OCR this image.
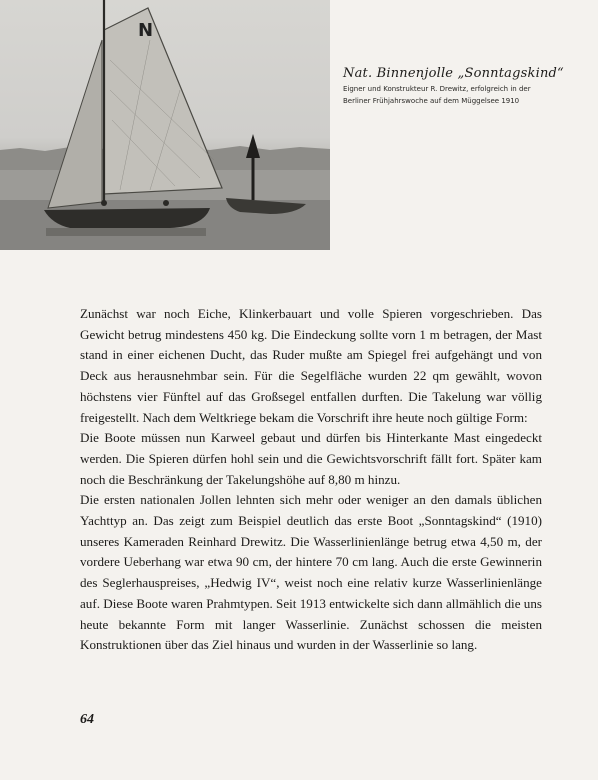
N
Nat. Binnenjolle „Sonntagskind“
Eigner und Konstrukteur R. Drewitz, erfolgreich in der
Berliner Frühjahrswoche auf dem Müggelsee 1910

Zunächst war noch Eiche, Klinkerbauart und volle Spieren vorgeschrieben. Das Gewicht betrug mindestens 450 kg. Die Eindeckung sollte vorn 1 m betragen, der Mast stand in einer eichenen Ducht, das Ruder mußte am Spiegel frei aufgehängt und von Deck aus herausnehmbar sein. Für die Segelfläche wurden 22 qm gewählt, wovon höchstens vier Fünftel auf das Großsegel entfallen durften. Die Takelung war völlig freigestellt. Nach dem Weltkriege bekam die Vorschrift ihre heute noch gültige Form:

Die Boote müssen nun Karweel gebaut und dürfen bis Hinterkante Mast eingedeckt werden. Die Spieren dürfen hohl sein und die Gewichtsvorschrift fällt fort. Später kam noch die Beschränkung der Takelungshöhe auf 8,80 m hinzu.

Die ersten nationalen Jollen lehnten sich mehr oder weniger an den damals üblichen Yachttyp an. Das zeigt zum Beispiel deutlich das erste Boot „Sonntagskind“ (1910) unseres Kameraden Reinhard Drewitz. Die Wasserlinienlänge betrug etwa 4,50 m, der vordere Ueberhang war etwa 90 cm, der hintere 70 cm lang. Auch die erste Gewinnerin des Seglerhauspreises, „Hedwig IV“, weist noch eine relativ kurze Wasserlinienlänge auf. Diese Boote waren Prahmtypen. Seit 1913 entwickelte sich dann allmählich die uns heute bekannte Form mit langer Wasserlinie. Zunächst schossen die meisten Konstruktionen über das Ziel hinaus und wurden in der Wasserlinie so lang.

64
